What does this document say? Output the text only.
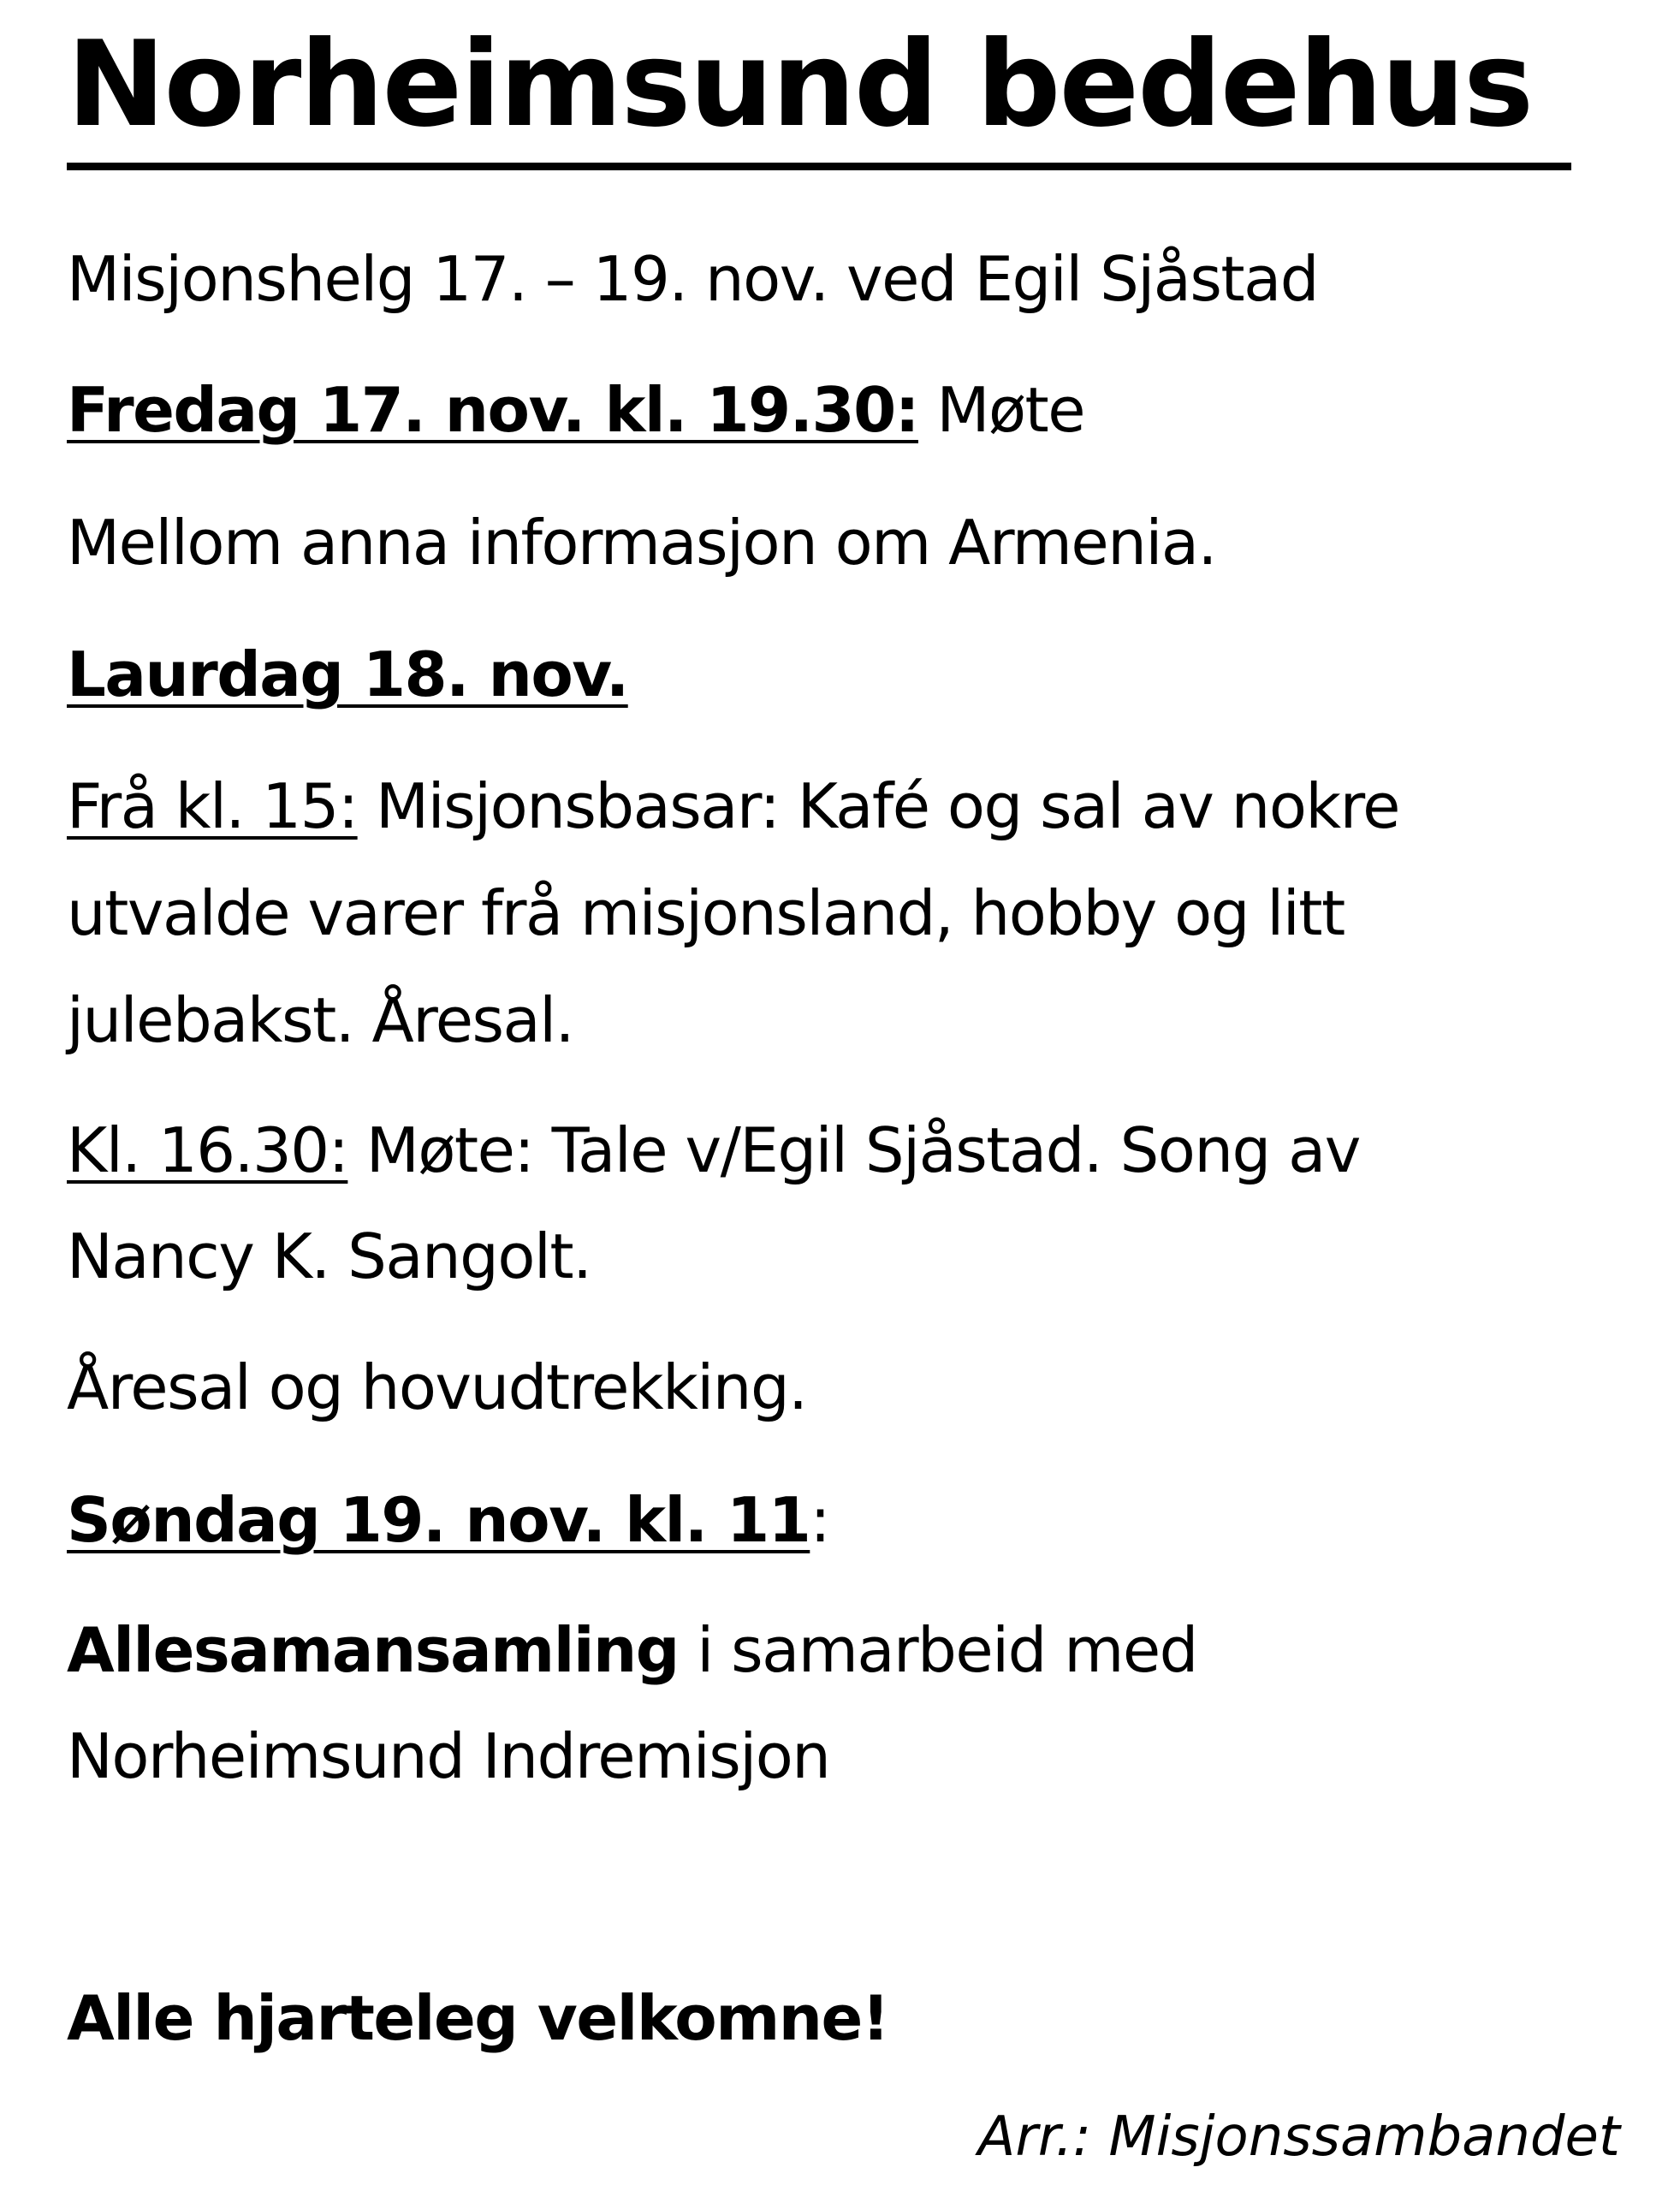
Norheimsund bedehus

Misjonshelg 17. – 19. nov. ved Egil Sjåstad

Fredag 17. nov. kl. 19.30: Møte

Mellom anna informasjon om Armenia.

Laurdag 18. nov.

Frå kl. 15: Misjonsbasar: Kafé og sal av nokre

utvalde varer frå misjonsland, hobby og litt

julebakst. Åresal.

Kl. 16.30: Møte: Tale v/Egil Sjåstad. Song av

Nancy K. Sangolt.

Åresal og hovudtrekking.

Søndag 19. nov. kl. 11:

Allesamansamling i samarbeid med

Norheimsund Indremisjon

Alle hjarteleg velkomne!

Arr.: Misjonssambandet
